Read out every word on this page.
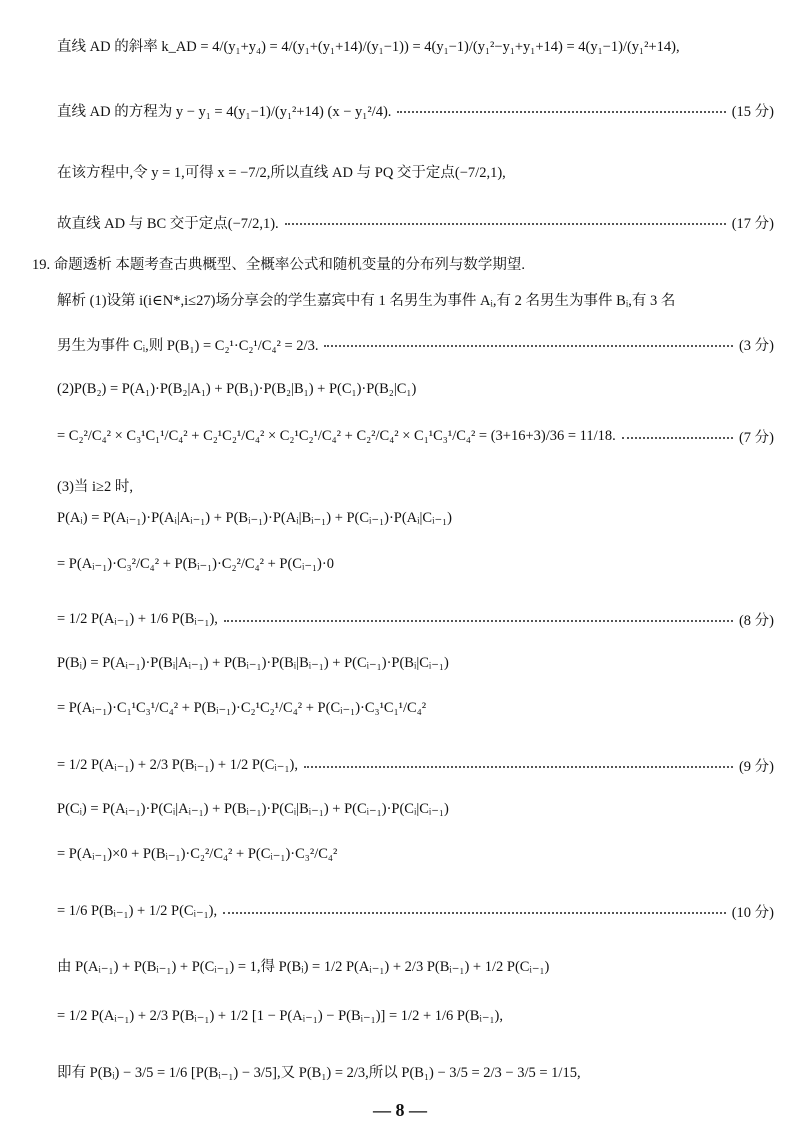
直线 AD 的斜率 k_AD = 4/(y₁+y₄) = 4/(y₁+(y₁+14)/(y₁−1)) = 4(y₁−1)/(y₁²−y₁+y₁+14) = 4(y₁−1)/(y₁²+14),
直线 AD 的方程为 y − y₁ = 4(y₁−1)/(y₁²+14) (x − y₁²/4).	(15 分)
在该方程中,令 y = 1,可得 x = −7/2,所以直线 AD 与 PQ 交于定点(−7/2,1),
故直线 AD 与 BC 交于定点(−7/2,1).	(17 分)
19. 命题透析 本题考查古典概型、全概率公式和随机变量的分布列与数学期望.
解析 (1)设第 i(i∈N*,i≤27)场分享会的学生嘉宾中有 1 名男生为事件 Aᵢ,有 2 名男生为事件 Bᵢ,有 3 名
男生为事件 Cᵢ,则 P(B₁) = C₂¹·C₂¹/C₄² = 2/3.	(3 分)
(2)P(B₂) = P(A₁)·P(B₂|A₁) + P(B₁)·P(B₂|B₁) + P(C₁)·P(B₂|C₁)
= C₂²/C₄² × C₃¹C₁¹/C₄² + C₂¹C₂¹/C₄² × C₂¹C₂¹/C₄² + C₂²/C₄² × C₁¹C₃¹/C₄² = (3+16+3)/36 = 11/18.	(7 分)
(3)当 i≥2 时,
P(Aᵢ) = P(Aᵢ₋₁)·P(Aᵢ|Aᵢ₋₁) + P(Bᵢ₋₁)·P(Aᵢ|Bᵢ₋₁) + P(Cᵢ₋₁)·P(Aᵢ|Cᵢ₋₁)
= P(Aᵢ₋₁)·C₃²/C₄² + P(Bᵢ₋₁)·C₂²/C₄² + P(Cᵢ₋₁)·0
= 1/2 P(Aᵢ₋₁) + 1/6 P(Bᵢ₋₁),	(8 分)
P(Bᵢ) = P(Aᵢ₋₁)·P(Bᵢ|Aᵢ₋₁) + P(Bᵢ₋₁)·P(Bᵢ|Bᵢ₋₁) + P(Cᵢ₋₁)·P(Bᵢ|Cᵢ₋₁)
= P(Aᵢ₋₁)·C₁¹C₃¹/C₄² + P(Bᵢ₋₁)·C₂¹C₂¹/C₄² + P(Cᵢ₋₁)·C₃¹C₁¹/C₄²
= 1/2 P(Aᵢ₋₁) + 2/3 P(Bᵢ₋₁) + 1/2 P(Cᵢ₋₁),	(9 分)
P(Cᵢ) = P(Aᵢ₋₁)·P(Cᵢ|Aᵢ₋₁) + P(Bᵢ₋₁)·P(Cᵢ|Bᵢ₋₁) + P(Cᵢ₋₁)·P(Cᵢ|Cᵢ₋₁)
= P(Aᵢ₋₁)×0 + P(Bᵢ₋₁)·C₂²/C₄² + P(Cᵢ₋₁)·C₃²/C₄²
= 1/6 P(Bᵢ₋₁) + 1/2 P(Cᵢ₋₁),	(10 分)
由 P(Aᵢ₋₁) + P(Bᵢ₋₁) + P(Cᵢ₋₁) = 1,得 P(Bᵢ) = 1/2 P(Aᵢ₋₁) + 2/3 P(Bᵢ₋₁) + 1/2 P(Cᵢ₋₁)
= 1/2 P(Aᵢ₋₁) + 2/3 P(Bᵢ₋₁) + 1/2 [1 − P(Aᵢ₋₁) − P(Bᵢ₋₁)] = 1/2 + 1/6 P(Bᵢ₋₁),
即有 P(Bᵢ) − 3/5 = 1/6 [P(Bᵢ₋₁) − 3/5],又 P(B₁) = 2/3,所以 P(B₁) − 3/5 = 2/3 − 3/5 = 1/15,
— 8 —
